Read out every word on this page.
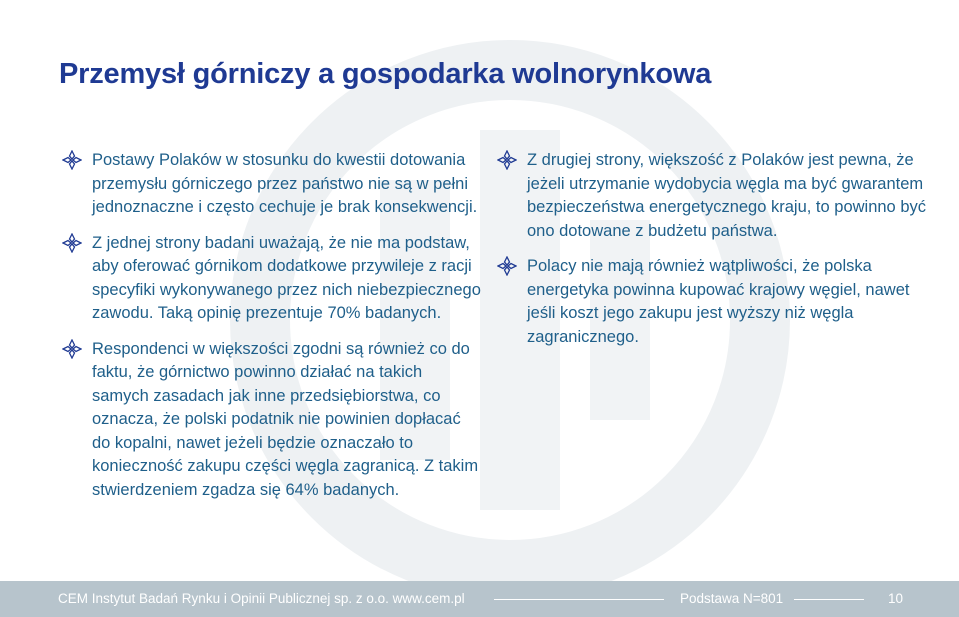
Przemysł górniczy a gospodarka wolnorynkowa
Postawy Polaków w stosunku do kwestii dotowania przemysłu górniczego przez państwo nie są w pełni jednoznaczne i często cechuje je brak konsekwencji.
Z jednej strony badani uważają, że nie ma podstaw, aby oferować górnikom dodatkowe przywileje z racji specyfiki wykonywanego przez nich niebezpiecznego zawodu. Taką opinię prezentuje 70% badanych.
Respondenci w większości zgodni są również co do faktu, że górnictwo powinno działać na takich samych zasadach jak inne przedsiębiorstwa, co oznacza, że polski podatnik nie powinien dopłacać do kopalni, nawet jeżeli będzie oznaczało to konieczność zakupu części węgla zagranicą. Z takim stwierdzeniem zgadza się 64% badanych.
Z drugiej strony, większość z Polaków jest pewna, że jeżeli utrzymanie wydobycia węgla ma być gwarantem bezpieczeństwa energetycznego kraju, to powinno być ono dotowane z budżetu państwa.
Polacy nie mają również wątpliwości, że polska energetyka powinna kupować krajowy węgiel, nawet jeśli koszt jego zakupu jest wyższy niż węgla zagranicznego.
CEM Instytut Badań Rynku i Opinii Publicznej sp. z o.o. www.cem.pl	Podstawa N=801	10
